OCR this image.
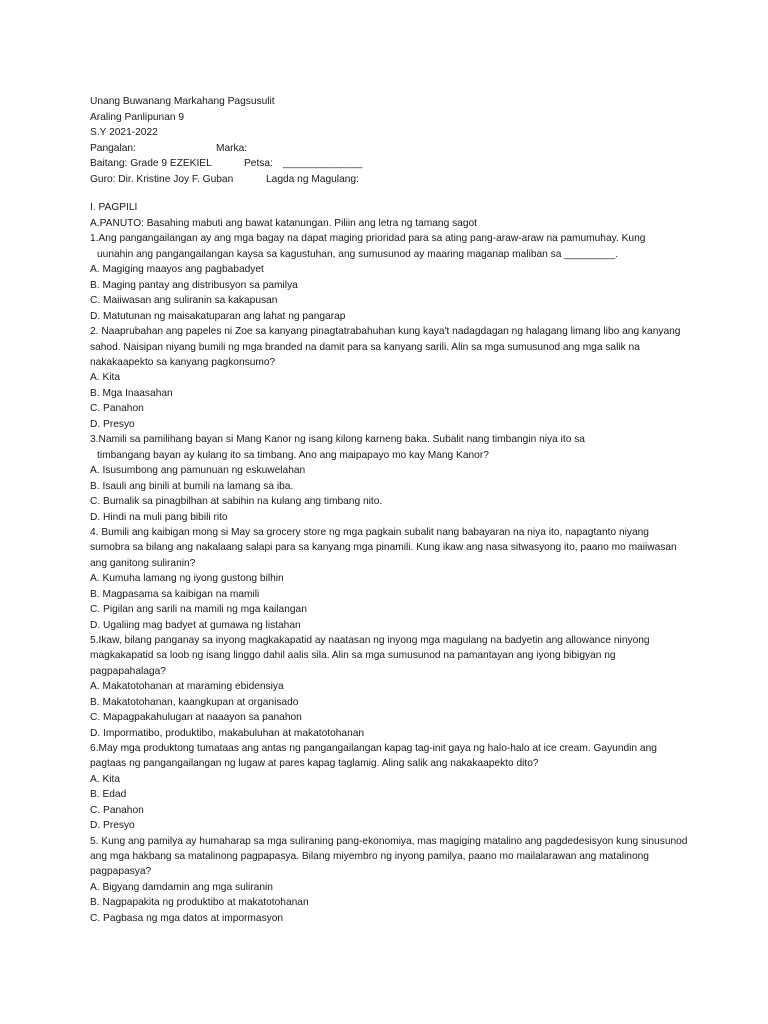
Unang Buwanang Markahang Pagsusulit
Araling Panlipunan 9
S.Y 2021-2022
Pangalan:	Marka:
Baitang: Grade 9 EZEKIEL	Petsa: ______________
Guro: Dir. Kristine Joy F. Guban	Lagda ng Magulang:
I. PAGPILI
A.PANUTO: Basahing mabuti ang bawat katanungan. Piliin ang letra ng tamang sagot
1.Ang pangangailangan ay ang mga bagay na dapat maging prioridad para sa ating pang-araw-araw na pamumuhay. Kung
uunahin ang pangangailangan kaysa sa kagustuhan, ang sumusunod ay maaring maganap maliban sa _________.
A. Magiging maayos ang pagbabadyet
B. Maging pantay ang distribusyon sa pamilya
C. Maiiwasan ang suliranin sa kakapusan
D. Matutunan ng maisakatuparan ang lahat ng pangarap
2. Naaprubahan ang papeles ni Zoe sa kanyang pinagtatrabahuhan kung kaya't nadagdagan ng halagang limang libo ang kanyang sahod. Naisipan niyang bumili ng mga branded na damit para sa kanyang sarili. Alin sa mga sumusunod ang mga salik na nakakaapekto sa kanyang pagkonsumo?
A. Kita
B. Mga Inaasahan
C. Panahon
D. Presyo
3.Namili sa pamilihang bayan si Mang Kanor ng isang kilong karneng baka. Subalit nang timbangin niya ito sa
timbangang bayan ay kulang ito sa timbang. Ano ang maipapayo mo kay Mang Kanor?
A. Isusumbong ang pamunuan ng eskuwelahan
B. Isauli ang binili at bumili na lamang sa iba.
C. Bumalik sa pinagbilhan at sabihin na kulang ang timbang nito.
D. Hindi na muli pang bibili rito
4. Bumili ang kaibigan mong si May sa grocery store ng mga pagkain subalit nang babayaran na niya ito, napagtanto niyang sumobra sa bilang ang nakalaang salapi para sa kanyang mga pinamili. Kung ikaw ang nasa sitwasyong ito, paano mo maiiwasan ang ganitong suliranin?
A. Kumuha lamang ng iyong gustong bilhin
B. Magpasama sa kaibigan na mamili
C. Pigilan ang sarili na mamili ng mga kailangan
D. Ugaliing mag badyet at gumawa ng listahan
5.Ikaw, bilang panganay sa inyong magkakapatid ay naatasan ng inyong mga magulang na badyetin ang allowance ninyong magkakapatid sa loob ng isang linggo dahil aalis sila. Alin sa mga sumusunod na pamantayan ang iyong bibigyan ng pagpapahalaga?
A. Makatotohanan at maraming ebidensiya
B. Makatotohanan, kaangkupan at organisado
C. Mapagpakahulugan at naaayon sa panahon
D. Impormatibo, produktibo, makabuluhan at makatotohanan
6.May mga produktong tumataas ang antas ng pangangailangan kapag tag-init gaya ng halo-halo at ice cream. Gayundin ang pagtaas ng pangangailangan ng lugaw at pares kapag taglamig. Aling salik ang nakakaapekto dito?
A. Kita
B. Edad
C. Panahon
D. Presyo
5. Kung ang pamilya ay humaharap sa mga suliraning pang-ekonomiya, mas magiging matalino ang pagdedesisyon kung sinusunod ang mga hakbang sa matalinong pagpapasya. Bilang miyembro ng inyong pamilya, paano mo mailalarawan ang matalinong pagpapasya?
A. Bigyang damdamin ang mga suliranin
B. Nagpapakita ng produktibo at makatotohanan
C. Pagbasa ng mga datos at impormasyon
